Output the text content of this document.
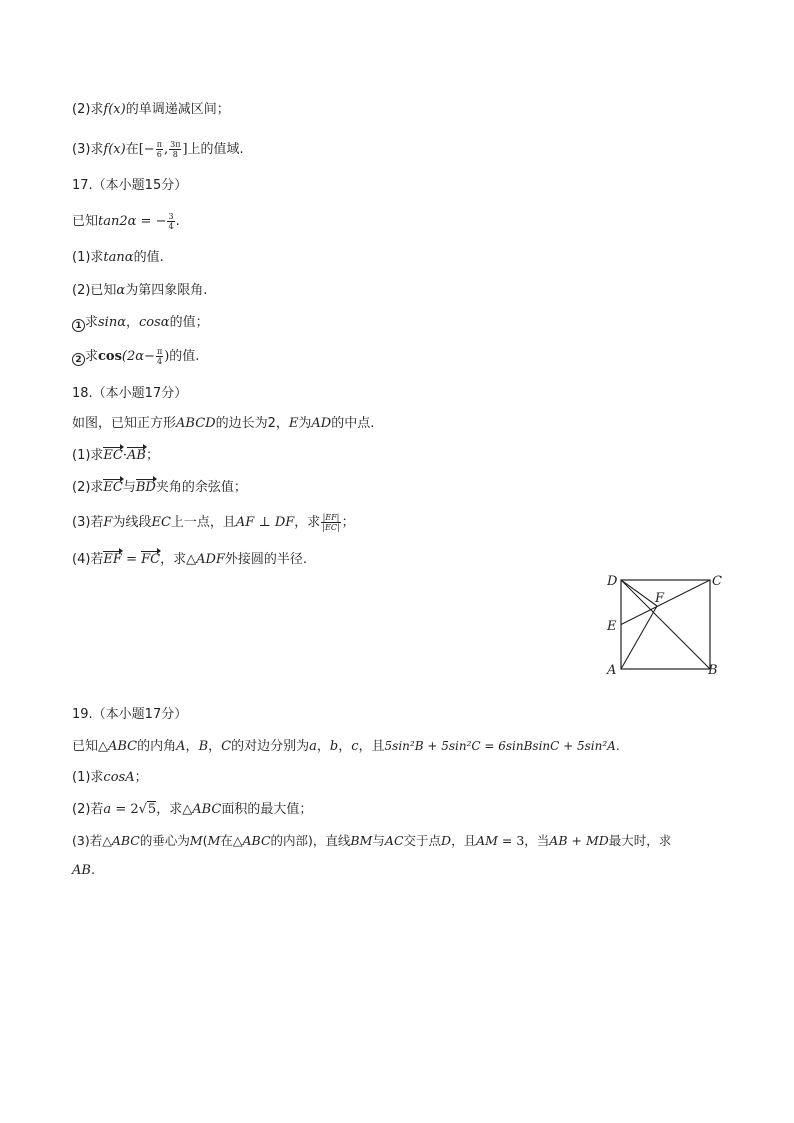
(2)求f(x)的单调递减区间；
(3)求f(x)在[− $\frac{\pi}{6}$ , $\frac{3\pi}{8}$ ]上的值域.
17.（本小题15分）
已知tan2α = − $\frac{3}{4}$ .
(1)求tanα的值.
(2)已知α为第四象限角.
1 求sinα，cosα的值；
2 求$\cos(2\alpha- \frac{\pi}{4}$ )的值.
18.（本小题17分）
如图，已知正方形ABCD的边长为2，E为AD的中点.
(1)求EC·AB；
(2)求EC与BD夹角的余弦值；
(3)若F为线段EC上一点，且AF ⊥ DF，求 $\frac{|EF|}{|EC|}$ ；
(4)若EF = FC，求△ADF外接圆的半径.
D	C
E
F
A	B
19.（本小题17分）
已知△ABC的内角A，B，C的对边分别为a，b，c，且5sin²B + 5sin²C = 6sinBsinC + 5sin²A.
(1)求cosA；
(2)若a = 2√5，求△ABC面积的最大值；
(3)若△ABC的垂心为M(M在△ABC的内部)，直线BM与AC交于点D，且AM = 3，当AB + MD最大时，求
AB.
